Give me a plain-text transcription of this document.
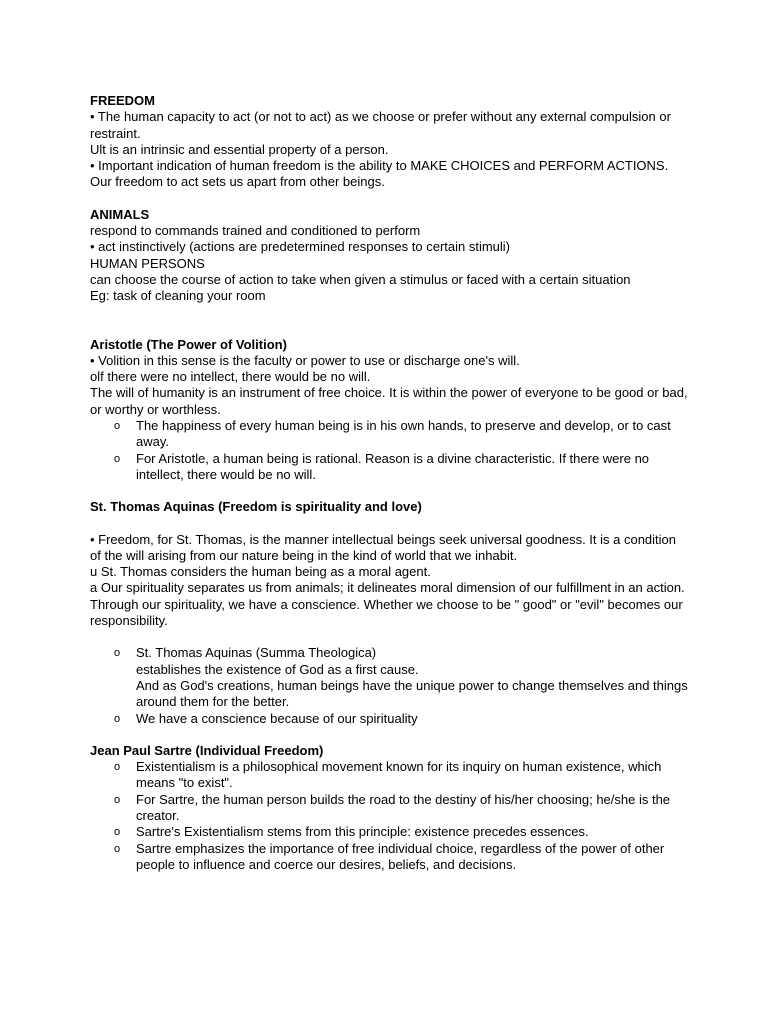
FREEDOM
• The human capacity to act (or not to act) as we choose or prefer without any external compulsion or restraint.
Ult is an intrinsic and essential property of a person.
• Important indication of human freedom is the ability to MAKE CHOICES and PERFORM ACTIONS.
Our freedom to act sets us apart from other beings.
ANIMALS
respond to commands trained and conditioned to perform
• act instinctively (actions are predetermined responses to certain stimuli)
HUMAN PERSONS
can choose the course of action to take when given a stimulus or faced with a certain situation
Eg: task of cleaning your room
Aristotle (The Power of Volition)
• Volition in this sense is the faculty or power to use or discharge one's will.
olf there were no intellect, there would be no will.
The will of humanity is an instrument of free choice. It is within the power of everyone to be good or bad, or worthy or worthless.
o The happiness of every human being is in his own hands, to preserve and develop, or to cast away.
o For Aristotle, a human being is rational. Reason is a divine characteristic. If there were no intellect, there would be no will.
St. Thomas Aquinas (Freedom is spirituality and love)
• Freedom, for St. Thomas, is the manner intellectual beings seek universal goodness. It is a condition of the will arising from our nature being in the kind of world that we inhabit.
u St. Thomas considers the human being as a moral agent.
a Our spirituality separates us from animals; it delineates moral dimension of our fulfillment in an action. Through our spirituality, we have a conscience. Whether we choose to be " good" or "evil" becomes our responsibility.
o St. Thomas Aquinas (Summa Theologica)
establishes the existence of God as a first cause.
And as God's creations, human beings have the unique power to change themselves and things around them for the better.
o We have a conscience because of our spirituality
Jean Paul Sartre (Individual Freedom)
o Existentialism is a philosophical movement known for its inquiry on human existence, which means "to exist".
o For Sartre, the human person builds the road to the destiny of his/her choosing; he/she is the creator.
o Sartre's Existentialism stems from this principle: existence precedes essences.
o Sartre emphasizes the importance of free individual choice, regardless of the power of other people to influence and coerce our desires, beliefs, and decisions.
